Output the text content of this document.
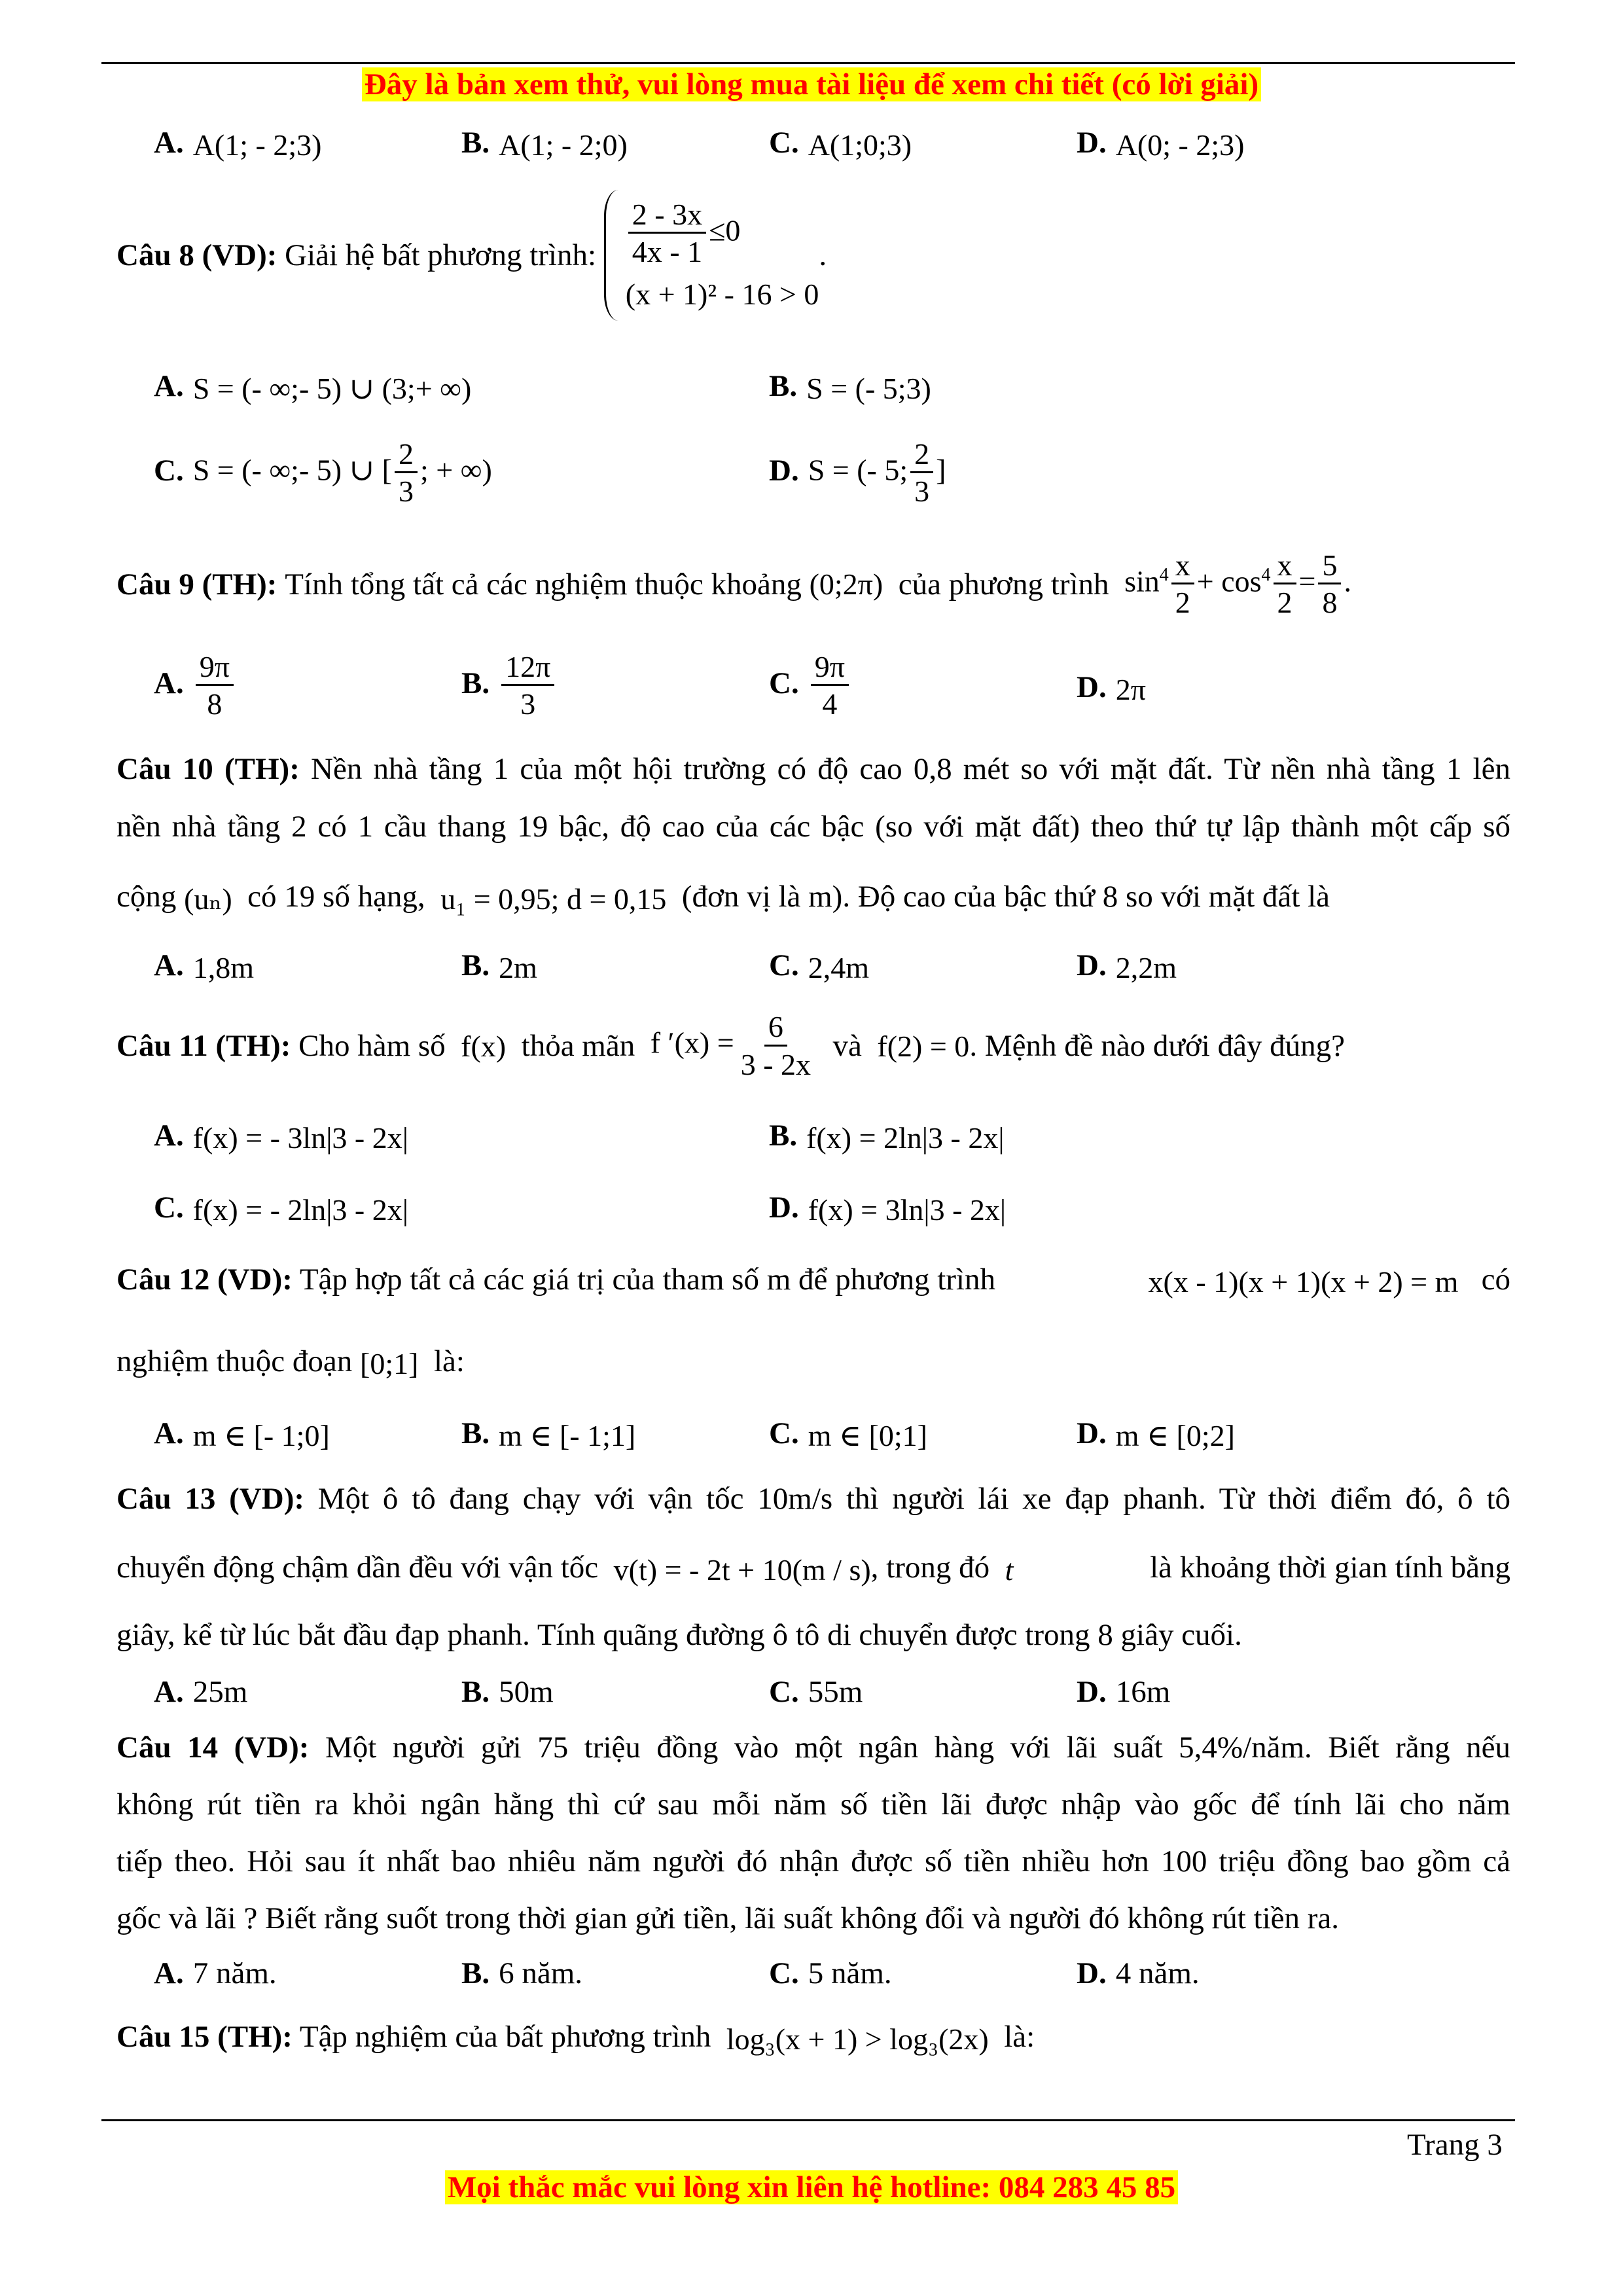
Đây là bản xem thử, vui lòng mua tài liệu để xem chi tiết (có lời giải)
A. A(1; - 2;3)	B. A(1; - 2;0)	C. A(1;0;3)	D. A(0; - 2;3)
Câu 8 (VD):
Giải hệ bất phương trình:
$\frac{2 - 3x}{4x - 1} \le 0$
(x + 1)² - 16 > 0
.
A. S = (- ∞;- 5) ∪ (3;+ ∞)	B. S = (- 5;3)
C. S = (- ∞;- 5) ∪ [ $\frac{2}{3}$ ; + ∞)	D. S = (- 5; $\frac{2}{3}$ ]
Câu 9 (TH):
Tính tổng tất cả các nghiệm thuộc khoảng
(0;2π)
của phương trình
$\sin^4 \frac{x}{2} + \cos^4 \frac{x}{2} = \frac{5}{8}$ .
A. $\frac{9\pi}{8}$	B. $\frac{12\pi}{3}$	C. $\frac{9\pi}{4}$	D. 2π
Câu 10 (TH): Nền nhà tầng 1 của một hội trường có độ cao 0,8 mét so với mặt đất. Từ nền nhà tầng 1 lên
nền nhà tầng 2 có 1 cầu thang 19 bậc, độ cao của các bậc (so với mặt đất) theo thứ tự lập thành một cấp số
cộng (uₙ) có 19 số hạng, u₁ = 0,95; d = 0,15 (đơn vị là m). Độ cao của bậc thứ 8 so với mặt đất là
A. 1,8m	B. 2m	C. 2,4m	D. 2,2m
Câu 11 (TH):
Cho hàm số
f(x)
thỏa mãn
f $'(x) = \frac{6}{3 - 2x}$
và
f(2) = 0 . Mệnh đề nào dưới đây đúng?
A. f(x) = - 3ln|3 - 2x|	B. f(x) = 2ln|3 - 2x|
C. f(x) = - 2ln|3 - 2x|	D. f(x) = 3ln|3 - 2x|
Câu 12 (VD): Tập hợp tất cả các giá trị của tham số m để phương trình	x(x - 1)(x + 1)(x + 2) = m có
nghiệm thuộc đoạn [0;1] là:
A. m ∈ [- 1;0]	B. m ∈ [- 1;1]	C. m ∈ [0;1]	D. m ∈ [0;2]
Câu 13 (VD): Một ô tô đang chạy với vận tốc 10m/s thì người lái xe đạp phanh. Từ thời điểm đó, ô tô
chuyển động chậm dần đều với vận tốc v(t) = - 2t + 10(m / s), trong đó t	là khoảng thời gian tính bằng
giây, kể từ lúc bắt đầu đạp phanh. Tính quãng đường ô tô di chuyển được trong 8 giây cuối.
A. 25m	B. 50m	C. 55m	D. 16m
Câu 14 (VD): Một người gửi 75 triệu đồng vào một ngân hàng với lãi suất 5,4%/năm. Biết rằng nếu
không rút tiền ra khỏi ngân hằng thì cứ sau mỗi năm số tiền lãi được nhập vào gốc để tính lãi cho năm
tiếp theo. Hỏi sau ít nhất bao nhiêu năm người đó nhận được số tiền nhiều hơn 100 triệu đồng bao gồm cả
gốc và lãi ? Biết rằng suốt trong thời gian gửi tiền, lãi suất không đổi và người đó không rút tiền ra.
A. 7 năm.	B. 6 năm.	C. 5 năm.	D. 4 năm.
Câu 15 (TH): Tập nghiệm của bất phương trình log₃(x + 1) > log₃(2x) là:
Trang 3
Mọi thắc mắc vui lòng xin liên hệ hotline: 084 283 45 85
